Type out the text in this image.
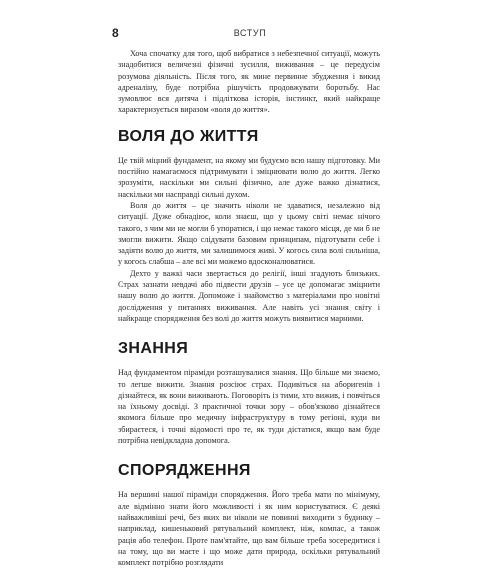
8	ВСТУП

Хоча спочатку для того, щоб вибратися з небезпечної ситуації, можуть знадобитися величезні фізичні зусилля, виживання – це передусім розумова діяльність. Після того, як мине первинне збудження і викид адреналіну, буде потрібна рішучість продовжувати боротьбу. Нас зумовлює вся дитяча і підліткова історія, інстинкт, який найкраще характеризується виразом «воля до життя».

ВОЛЯ ДО ЖИТТЯ

Це твій міцний фундамент, на якому ми будуємо всю нашу підготовку. Ми постійно намагаємося підтримувати і зміцнювати волю до життя. Легко зрозуміти, наскільки ми сильні фізично, але дуже важко дізнатися, наскільки ми насправді сильні духом.

Воля до життя – це значить ніколи не здаватися, незалежно від ситуації. Дуже обнадіює, коли знаєш, що у цьому світі немає нічого такого, з чим ми не могли б упоратися, і що немає такого місця, де ми б не змогли вижити. Якщо слідувати базовим принципам, підготувати себе і задіяти волю до життя, ми залишимося живі. У когось сила волі сильніша, у когось слабша – але всі ми можемо вдосконалюватися.

Дехто у важкі часи звертається до релігії, інші згадують близьких. Страх зазнати невдачі або підвести друзів – усе це допомагає зміцнити нашу волю до життя. Допоможе і знайомство з матеріалами про новітні дослідження у питаннях виживання. Але навіть усі знання світу і найкраще спорядження без волі до життя можуть виявитися марними.

ЗНАННЯ

Над фундаментом піраміди розташувалися знання. Що більше ми знаємо, то легше вижити. Знання розсіює страх. Подивіться на аборигенів і дізнайтеся, як вони виживають. Поговоріть із тими, хто вижив, і повчіться на їхньому досвіді. З практичної точки зору – обов'язково дізнайтеся якомога більше про медичну інфраструктуру в тому регіоні, куди ви збираєтеся, і точні відомості про те, як туди дістатися, якщо вам буде потрібна невідкладна допомога.

СПОРЯДЖЕННЯ

На вершині нашої піраміди спорядження. Його треба мати по мінімуму, але відмінно знати його можливості і як ним користуватися. Є деякі найважливіші речі, без яких ви ніколи не повинні виходити з будинку – наприклад, кишеньковий рятувальний комплект, ніж, компас, а також рація або телефон. Проте пам'ятайте, що вам більше треба зосередитися і на тому, що ви маєте і що може дати природа, оскільки рятувальний комплект потрібно розглядати
